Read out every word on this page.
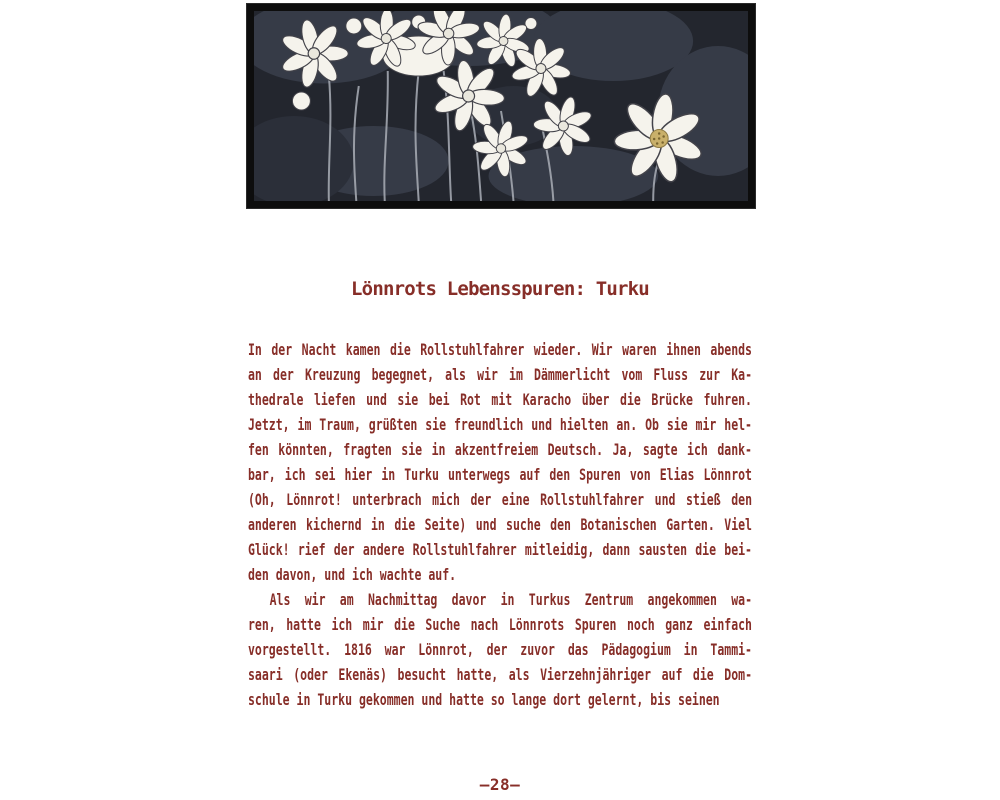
Lönnrots Lebensspuren: Turku
In der Nacht kamen die Rollstuhlfahrer wieder. Wir waren ihnen abends
an der Kreuzung begegnet, als wir im Dämmerlicht vom Fluss zur Ka-
thedrale liefen und sie bei Rot mit Karacho über die Brücke fuhren.
Jetzt, im Traum, grüßten sie freundlich und hielten an. Ob sie mir hel-
fen könnten, fragten sie in akzentfreiem Deutsch. Ja, sagte ich dank-
bar, ich sei hier in Turku unterwegs auf den Spuren von Elias Lönnrot
(Oh, Lönnrot! unterbrach mich der eine Rollstuhlfahrer und stieß den
anderen kichernd in die Seite) und suche den Botanischen Garten. Viel
Glück! rief der andere Rollstuhlfahrer mitleidig, dann sausten die bei-
den davon, und ich wachte auf.
Als wir am Nachmittag davor in Turkus Zentrum angekommen wa-
ren, hatte ich mir die Suche nach Lönnrots Spuren noch ganz einfach
vorgestellt. 1816 war Lönnrot, der zuvor das Pädagogium in Tammi-
saari (oder Ekenäs) besucht hatte, als Vierzehnjähriger auf die Dom-
schule in Turku gekommen und hatte so lange dort gelernt, bis seinen
–28–
